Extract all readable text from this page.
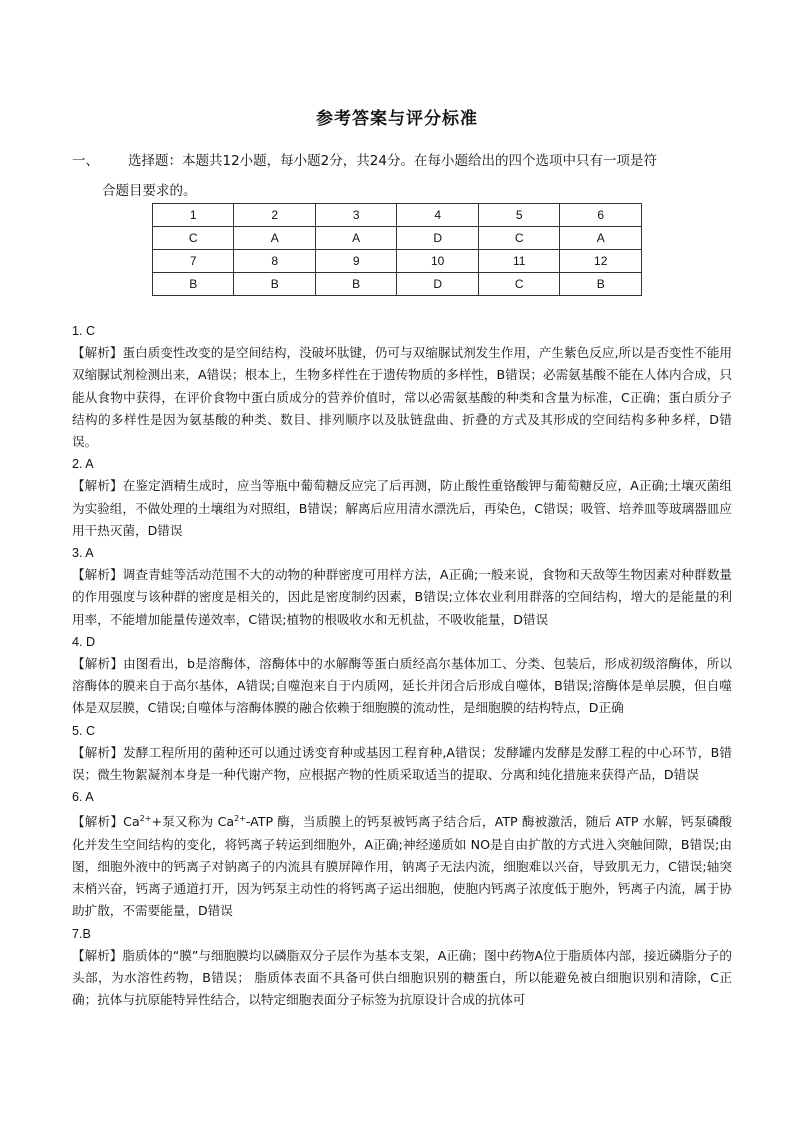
参考答案与评分标准
一、 选择题：本题共12小题，每小题2分，共24分。在每小题给出的四个选项中只有一项是符
合题目要求的。
1	2	3	4	5	6
C	A	A	D	C	A
7	8	9	10	11	12
B	B	B	D	C	B
1. C
【解析】蛋白质变性改变的是空间结构，没破坏肽键，仍可与双缩脲试剂发生作用，产生紫色反应,所以是否变性不能用双缩脲试剂检测出来，A错误；根本上，生物多样性在于遗传物质的多样性，B错误；必需氨基酸不能在人体内合成，只能从食物中获得，在评价食物中蛋白质成分的营养价值时，常以必需氨基酸的种类和含量为标准，C正确；蛋白质分子结构的多样性是因为氨基酸的种类、数目、排列顺序以及肽链盘曲、折叠的方式及其形成的空间结构多种多样，D错误。
2. A
【解析】在鉴定酒精生成时，应当等瓶中葡萄糖反应完了后再测，防止酸性重铬酸钾与葡萄糖反应，A正确;土壤灭菌组为实验组，不做处理的土壤组为对照组，B错误；解离后应用清水漂洗后，再染色，C错误；吸管、培养皿等玻璃器皿应用干热灭菌，D错误
3. A
【解析】调查青蛙等活动范围不大的动物的种群密度可用样方法，A正确;一般来说，食物和天敌等生物因素对种群数量的作用强度与该种群的密度是相关的，因此是密度制约因素，B错误;立体农业利用群落的空间结构，增大的是能量的利用率，不能增加能量传递效率，C错误;植物的根吸收水和无机盐，不吸收能量，D错误
4. D
【解析】由图看出，b是溶酶体，溶酶体中的水解酶等蛋白质经高尔基体加工、分类、包装后，形成初级溶酶体，所以溶酶体的膜来自于高尔基体，A错误;自噬泡来自于内质网，延长并闭合后形成自噬体，B错误;溶酶体是单层膜，但自噬体是双层膜，C错误;自噬体与溶酶体膜的融合依赖于细胞膜的流动性，是细胞膜的结构特点，D正确
5. C
【解析】发酵工程所用的菌种还可以通过诱变育种或基因工程育种,A错误；发酵罐内发酵是发酵工程的中心环节，B错误；微生物絮凝剂本身是一种代谢产物，应根据产物的性质采取适当的提取、分离和纯化措施来获得产品，D错误
6. A
【解析】$Ca^{2+}+$泵又称为 $Ca^{2+}$-ATP 酶，当质膜上的钙泵被钙离子结合后，ATP 酶被激活，随后 ATP 水解，钙泵磷酸化并发生空间结构的变化，将钙离子转运到细胞外，A正确;神经递质如 NO是自由扩散的方式进入突触间隙，B错误;由图，细胞外液中的钙离子对钠离子的内流具有膜屏障作用，钠离子无法内流，细胞难以兴奋，导致肌无力，C错误;轴突末梢兴奋，钙离子通道打开，因为钙泵主动性的将钙离子运出细胞，使胞内钙离子浓度低于胞外，钙离子内流，属于协助扩散，不需要能量，D错误
7.B
【解析】脂质体的“膜”与细胞膜均以磷脂双分子层作为基本支架，A正确；图中药物A位于脂质体内部，接近磷脂分子的头部，为水溶性药物，B错误； 脂质体表面不具备可供白细胞识别的糖蛋白，所以能避免被白细胞识别和清除，C正确；抗体与抗原能特异性结合，以特定细胞表面分子标签为抗原设计合成的抗体可
